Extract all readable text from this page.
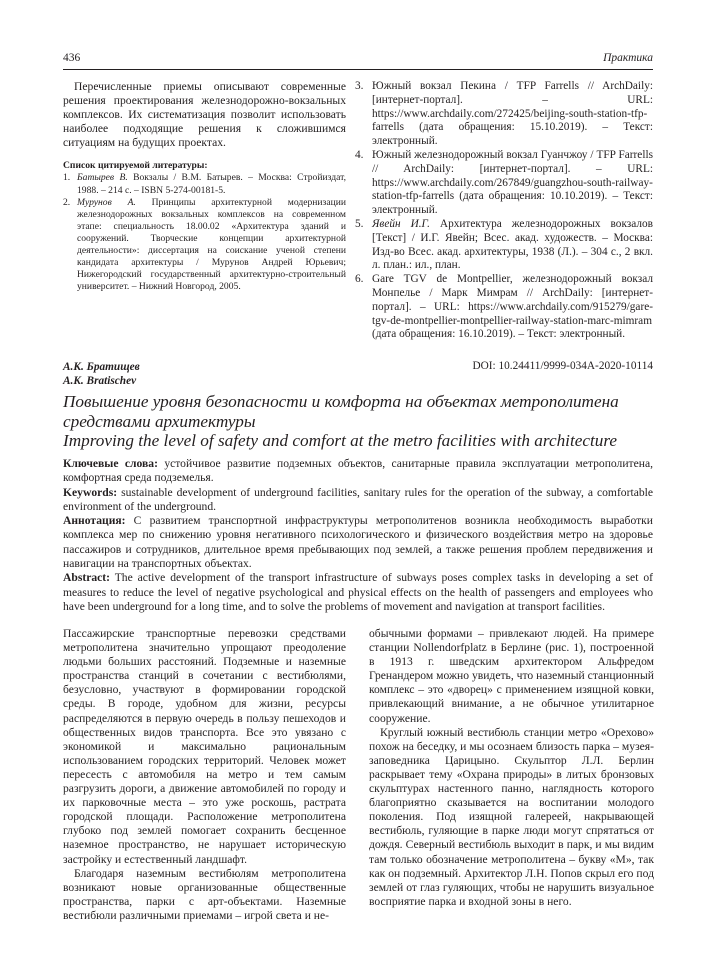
436	Практика

Перечисленные приемы описывают современные решения проектирования железнодорожно-вокзальных комплексов. Их систематизация позволит использовать наиболее подходящие решения к сложившимся ситуациям на будущих проектах.

Список цитируемой литературы:

1. Батырев В. Вокзалы / В.М. Батырев. – Москва: Стройиздат, 1988. – 214 с. – ISBN 5-274-00181-5.

2. Мурунов А. Принципы архитектурной модернизации железнодорожных вокзальных комплексов на современном этапе: специальность 18.00.02 «Архитектура зданий и сооружений. Творческие концепции архитектурной деятельности»: диссертация на соискание ученой степени кандидата архитектуры / Мурунов Андрей Юрьевич; Нижегородский государственный архитектурно-строительный университет. – Нижний Новгород, 2005.

3. Южный вокзал Пекина / TFP Farrells // ArchDaily: [интернет-портал]. – URL: https://www.archdaily.com/272425/beijing-south-station-tfp-farrells (дата обращения: 15.10.2019). – Текст: электронный.

4. Южный железнодорожный вокзал Гуанчжоу / TFP Farrells // ArchDaily: [интернет-портал]. – URL: https://www.archdaily.com/267849/guangzhou-south-railway-station-tfp-farrells (дата обращения: 10.10.2019). – Текст: электронный.

5. Явейн И.Г. Архитектура железнодорожных вокзалов [Текст] / И.Г. Явейн; Всес. акад. художеств. – Москва: Изд-во Всес. акад. архитектуры, 1938 (Л.). – 304 с., 2 вкл. л. план.: ил., план.

6. Gare TGV de Montpellier, железнодорожный вокзал Монпелье / Марк Мимрам // ArchDaily: [интернет-портал]. – URL: https://www.archdaily.com/915279/gare-tgv-de-montpellier-montpellier-railway-station-marc-mimram (дата обращения: 16.10.2019). – Текст: электронный.

А.К. Братищев
A.K. Bratischev
DOI: 10.24411/9999-034A-2020-10114
Повышение уровня безопасности и комфорта на объектах метрополитена
средствами архитектуры
Improving the level of safety and comfort at the metro facilities with architecture

Ключевые слова: устойчивое развитие подземных объектов, санитарные правила эксплуатации метрополитена, комфортная среда подземелья.

Keywords: sustainable development of underground facilities, sanitary rules for the operation of the subway, a comfortable environment of the underground.

Аннотация: С развитием транспортной инфраструктуры метрополитенов возникла необходимость выработки комплекса мер по снижению уровня негативного психологического и физического воздействия метро на здоровье пассажиров и сотрудников, длительное время пребывающих под землей, а также решения проблем передвижения и навигации на транспортных объектах.

Abstract: The active development of the transport infrastructure of subways poses complex tasks in developing a set of measures to reduce the level of negative psychological and physical effects on the health of passengers and employees who have been underground for a long time, and to solve the problems of movement and navigation at transport facilities.

Пассажирские транспортные перевозки средствами метрополитена значительно упрощают преодоление людьми больших расстояний. Подземные и наземные пространства станций в сочетании с вестибюлями, безусловно, участвуют в формировании городской среды. В городе, удобном для жизни, ресурсы распределяются в первую очередь в пользу пешеходов и общественных видов транспорта. Все это увязано с экономикой и максимально рациональным использованием городских территорий. Человек может пересесть с автомобиля на метро и тем самым разгрузить дороги, а движение автомобилей по городу и их парковочные места – это уже роскошь, растрата городской площади. Расположение метрополитена глубоко под землей помогает сохранить бесценное наземное пространство, не нарушает историческую застройку и естественный ландшафт.

Благодаря наземным вестибюлям метрополитена возникают новые организованные общественные пространства, парки с арт-объектами. Наземные вестибюли различными приемами – игрой света и не-

обычными формами – привлекают людей. На примере станции Nollendorfplatz в Берлине (рис. 1), построенной в 1913 г. шведским архитектором Альфредом Гренандером можно увидеть, что наземный станционный комплекс – это «дворец» с применением изящной ковки, привлекающий внимание, а не обычное утилитарное сооружение.

Круглый южный вестибюль станции метро «Орехово» похож на беседку, и мы осознаем близость парка – музея-заповедника Царицыно. Скульптор Л.Л. Берлин раскрывает тему «Охрана природы» в литых бронзовых скульптурах настенного панно, наглядность которого благоприятно сказывается на воспитании молодого поколения. Под изящной галереей, накрывающей вестибюль, гуляющие в парке люди могут спрятаться от дождя. Северный вестибюль выходит в парк, и мы видим там только обозначение метрополитена – букву «М», так как он подземный. Архитектор Л.Н. Попов скрыл его под землей от глаз гуляющих, чтобы не нарушить визуальное восприятие парка и входной зоны в него.
